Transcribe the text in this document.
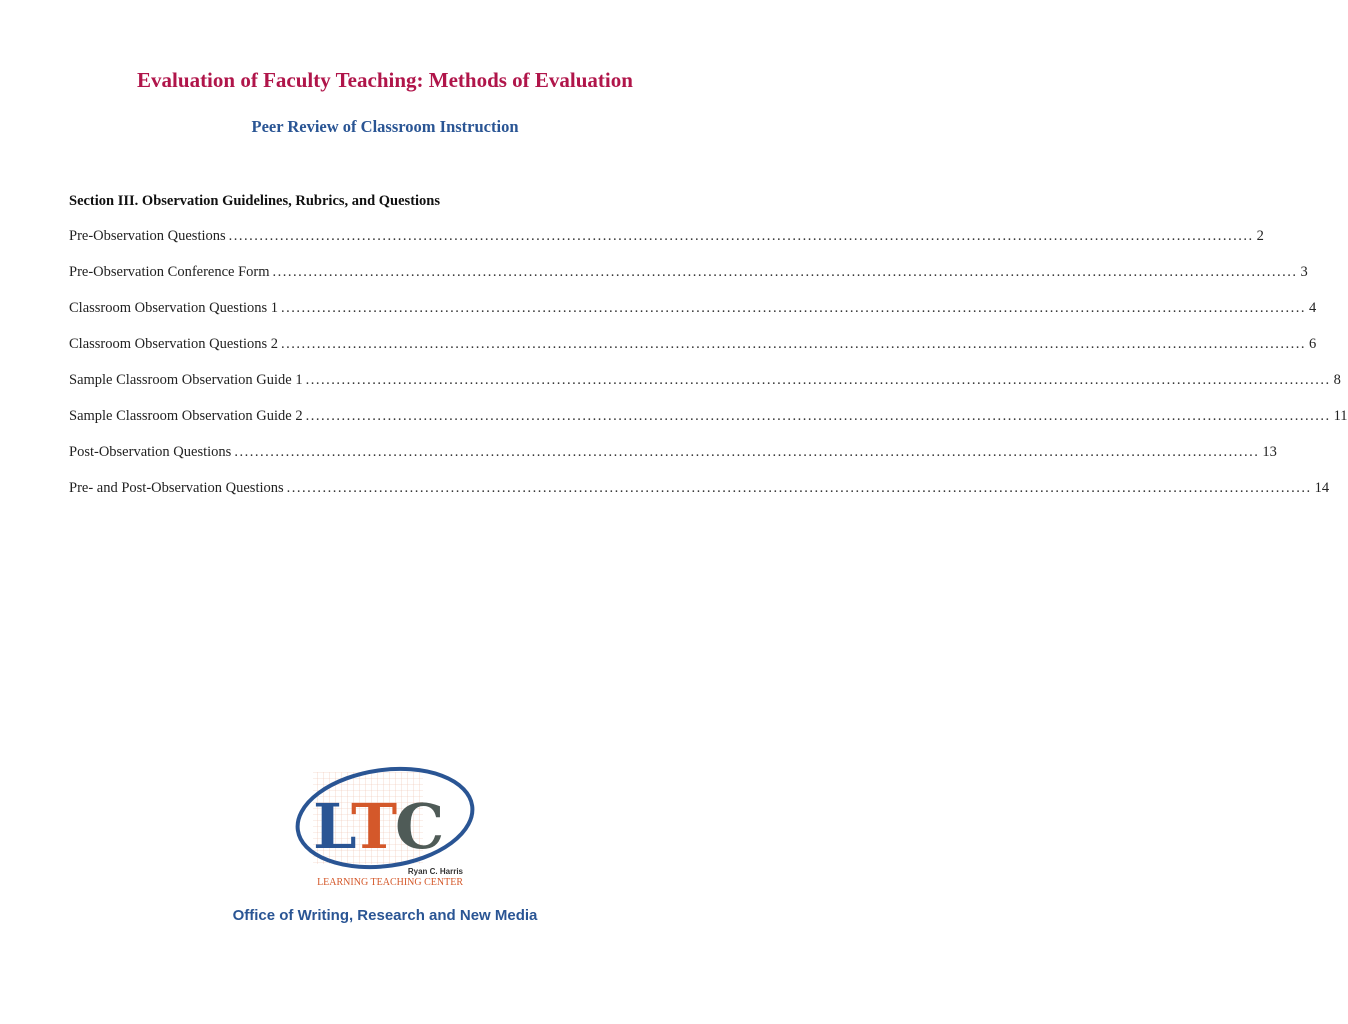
Evaluation of Faculty Teaching: Methods of Evaluation
Peer Review of Classroom Instruction
Section III. Observation Guidelines, Rubrics, and Questions
Pre-Observation Questions ........................................................................................................................................................................................................ 2
Pre-Observation Conference Form ........................................................................................................................................................................................................ 3
Classroom Observation Questions 1 ........................................................................................................................................................................................................ 4
Classroom Observation Questions 2 ........................................................................................................................................................................................................ 6
Sample Classroom Observation Guide 1 ........................................................................................................................................................................................................ 8
Sample Classroom Observation Guide 2 ........................................................................................................................................................................................................ 11
Post-Observation Questions ........................................................................................................................................................................................................ 13
Pre- and Post-Observation Questions ........................................................................................................................................................................................................ 14
L
T
C
Ryan C. Harris
LEARNING TEACHING CENTER
Office of Writing, Research and New Media
